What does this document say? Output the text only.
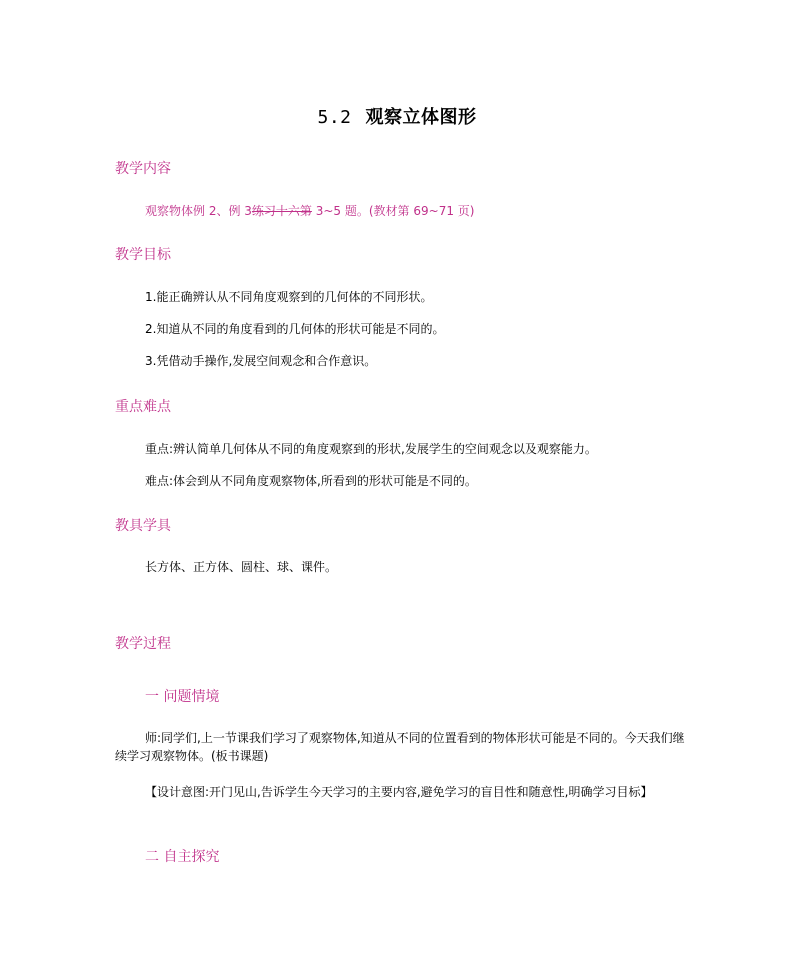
5.2 观察立体图形
教学内容
观察物体例 2、例 3练习十六第 3~5 题。(教材第 69~71 页)
教学目标
1.能正确辨认从不同角度观察到的几何体的不同形状。
2.知道从不同的角度看到的几何体的形状可能是不同的。
3.凭借动手操作,发展空间观念和合作意识。
重点难点
重点:辨认简单几何体从不同的角度观察到的形状,发展学生的空间观念以及观察能力。
难点:体会到从不同角度观察物体,所看到的形状可能是不同的。
教具学具
长方体、正方体、圆柱、球、课件。
教学过程
一 问题情境
师:同学们,上一节课我们学习了观察物体,知道从不同的位置看到的物体形状可能是不同的。今天我们继续学习观察物体。(板书课题)
【设计意图:开门见山,告诉学生今天学习的主要内容,避免学习的盲目性和随意性,明确学习目标】
二 自主探究
